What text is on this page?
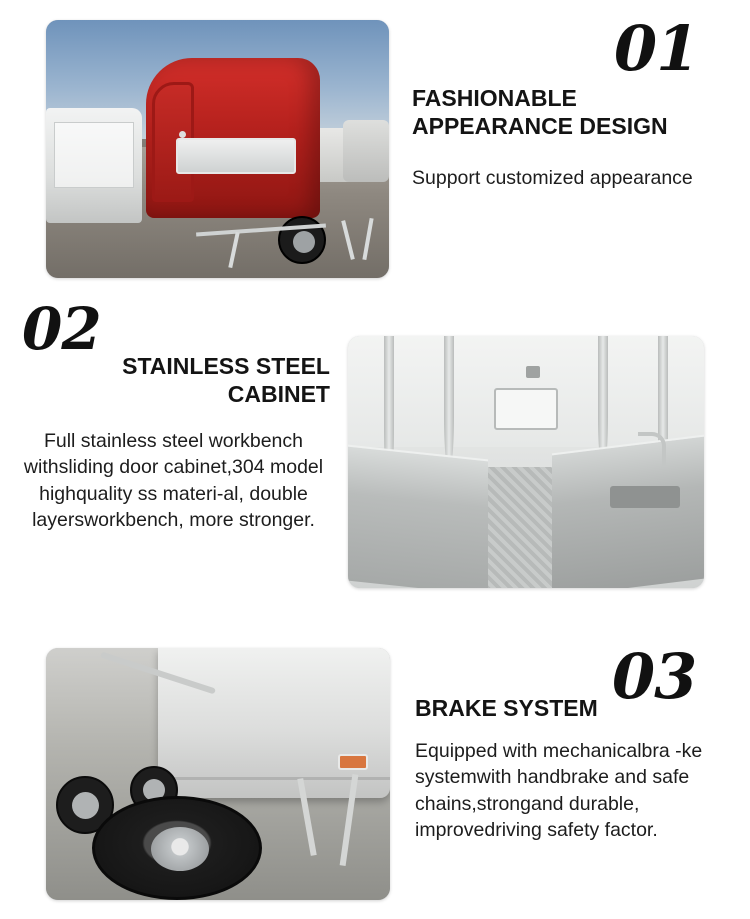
01
FASHIONABLE APPEARANCE DESIGN
Support customized appearance
02
STAINLESS STEEL CABINET
Full stainless steel workbench withsliding door cabinet,304 model highquality ss materi-al, double layersworkbench, more stronger.
03
BRAKE SYSTEM
Equipped with mechanicalbra -ke systemwith handbrake and safe chains,strongand durable, improvedriving safety factor.
